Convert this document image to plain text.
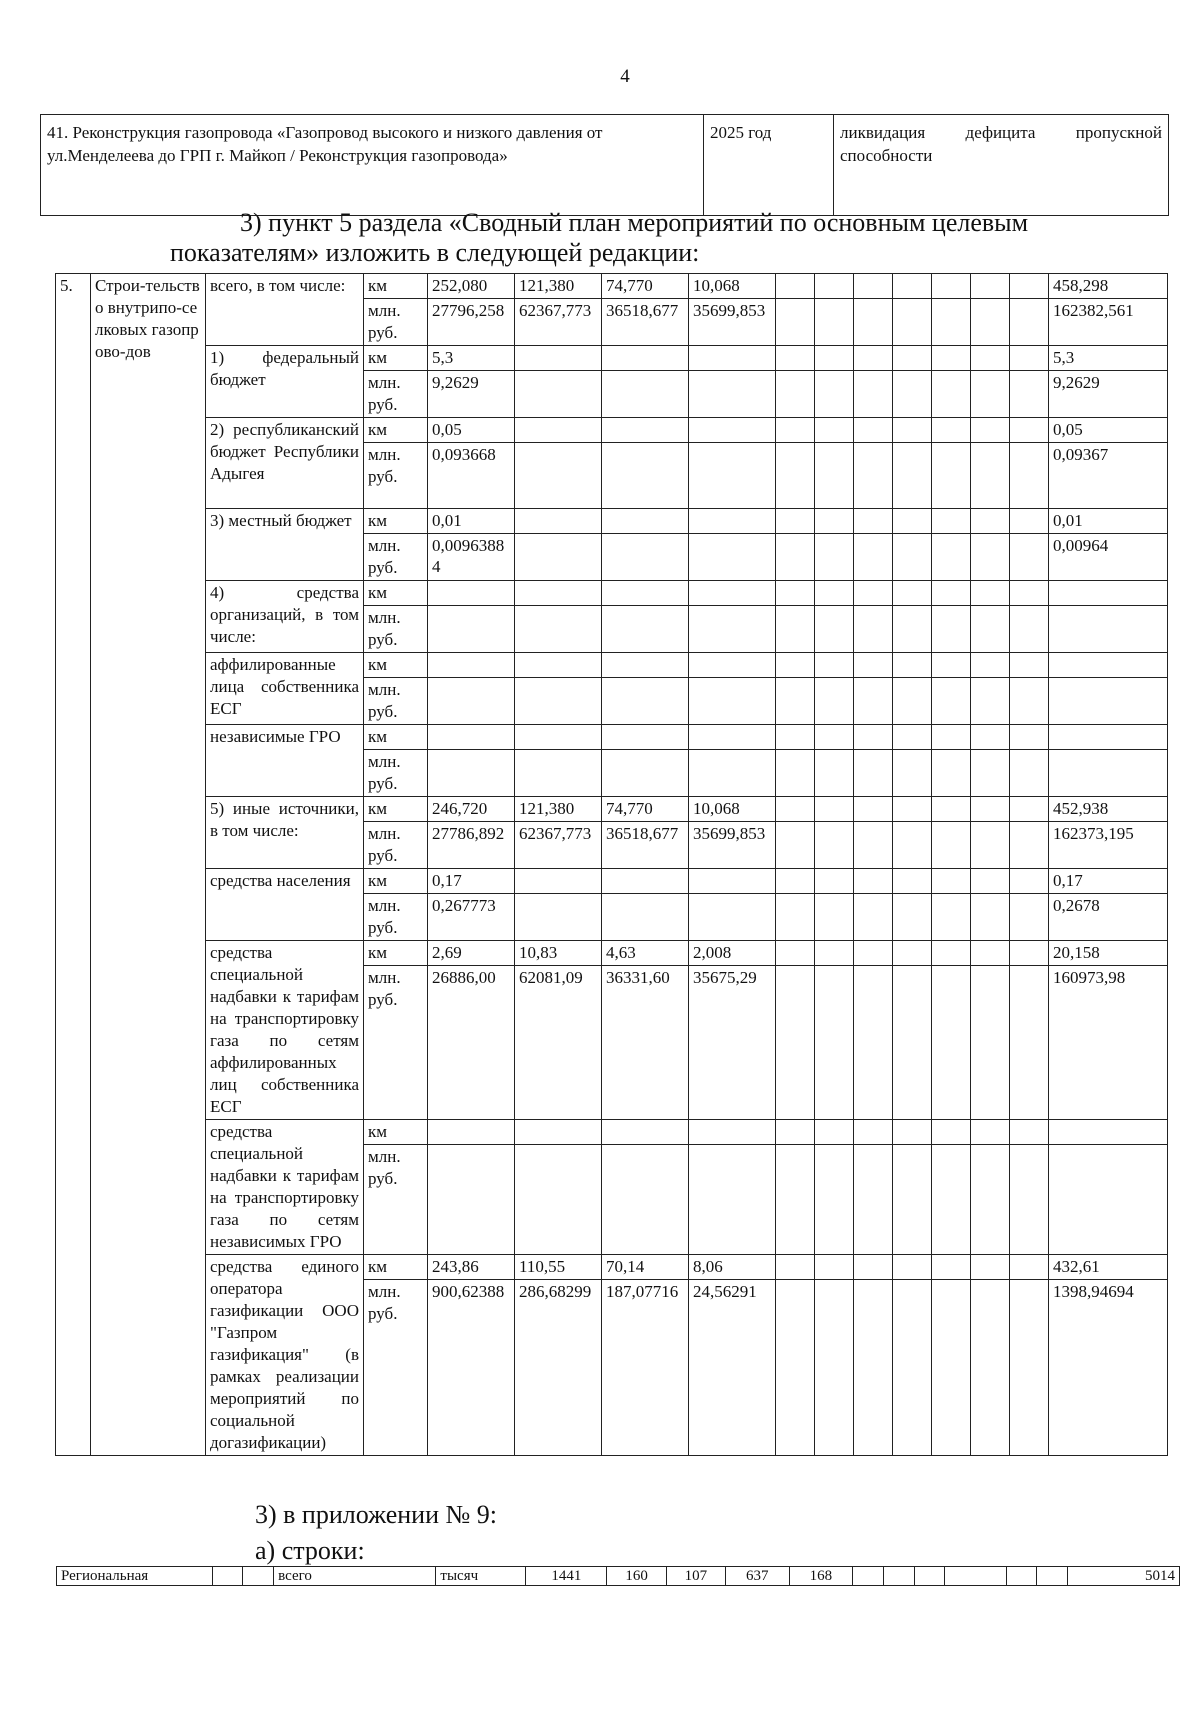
4
41. Реконструкция газопровода «Газопровод высокого и низкого давления от ул.Менделеева до ГРП г. Майкоп / Реконструкция газопровода»	2025 год	ликвидация дефицита пропускной способности
3) пункт 5 раздела «Сводный план мероприятий по основным целевым
показателям» изложить в следующей редакции:
5.	Строи-тельство внутрипо-селковых газопрово-дов	всего, в том числе:	км	252,080	121,380	74,770	10,068								458,298
			млн. руб.	27796,258	62367,773	36518,677	35699,853								162382,561
		1) федеральный бюджет	км	5,3											5,3
			млн. руб.	9,2629											9,2629
		2) республиканский бюджет Республики Адыгея	км	0,05											0,05
			млн. руб.	0,093668											0,09367
		3) местный бюджет	км	0,01											0,01
			млн. руб.	0,00963884											0,00964
		4) средства организаций, в том числе:	км												
			млн. руб.												
		аффилированные лица собственника ЕСГ	км												
			млн. руб.												
		независимые ГРО	км												
			млн. руб.												
		5) иные источники, в том числе:	км	246,720	121,380	74,770	10,068								452,938
			млн. руб.	27786,892	62367,773	36518,677	35699,853								162373,195
		средства населения	км	0,17											0,17
			млн. руб.	0,267773											0,2678
		средства специальной надбавки к тарифам на транспортировку газа по сетям аффилированных лиц собственника ЕСГ	км	2,69	10,83	4,63	2,008								20,158
			млн. руб.	26886,00	62081,09	36331,60	35675,29								160973,98
		средства специальной надбавки к тарифам на транспортировку газа по сетям независимых ГРО	км												
			млн. руб.												
		средства единого оператора газификации ООО "Газпром газификация" (в рамках реализации мероприятий по социальной догазификации)	км	243,86	110,55	70,14	8,06								432,61
			млн. руб.	900,62388	286,68299	187,07716	24,56291								1398,94694
3) в приложении № 9:
а) строки:
Региональная			всего	тысяч	1441	160	107	637	168							5014
